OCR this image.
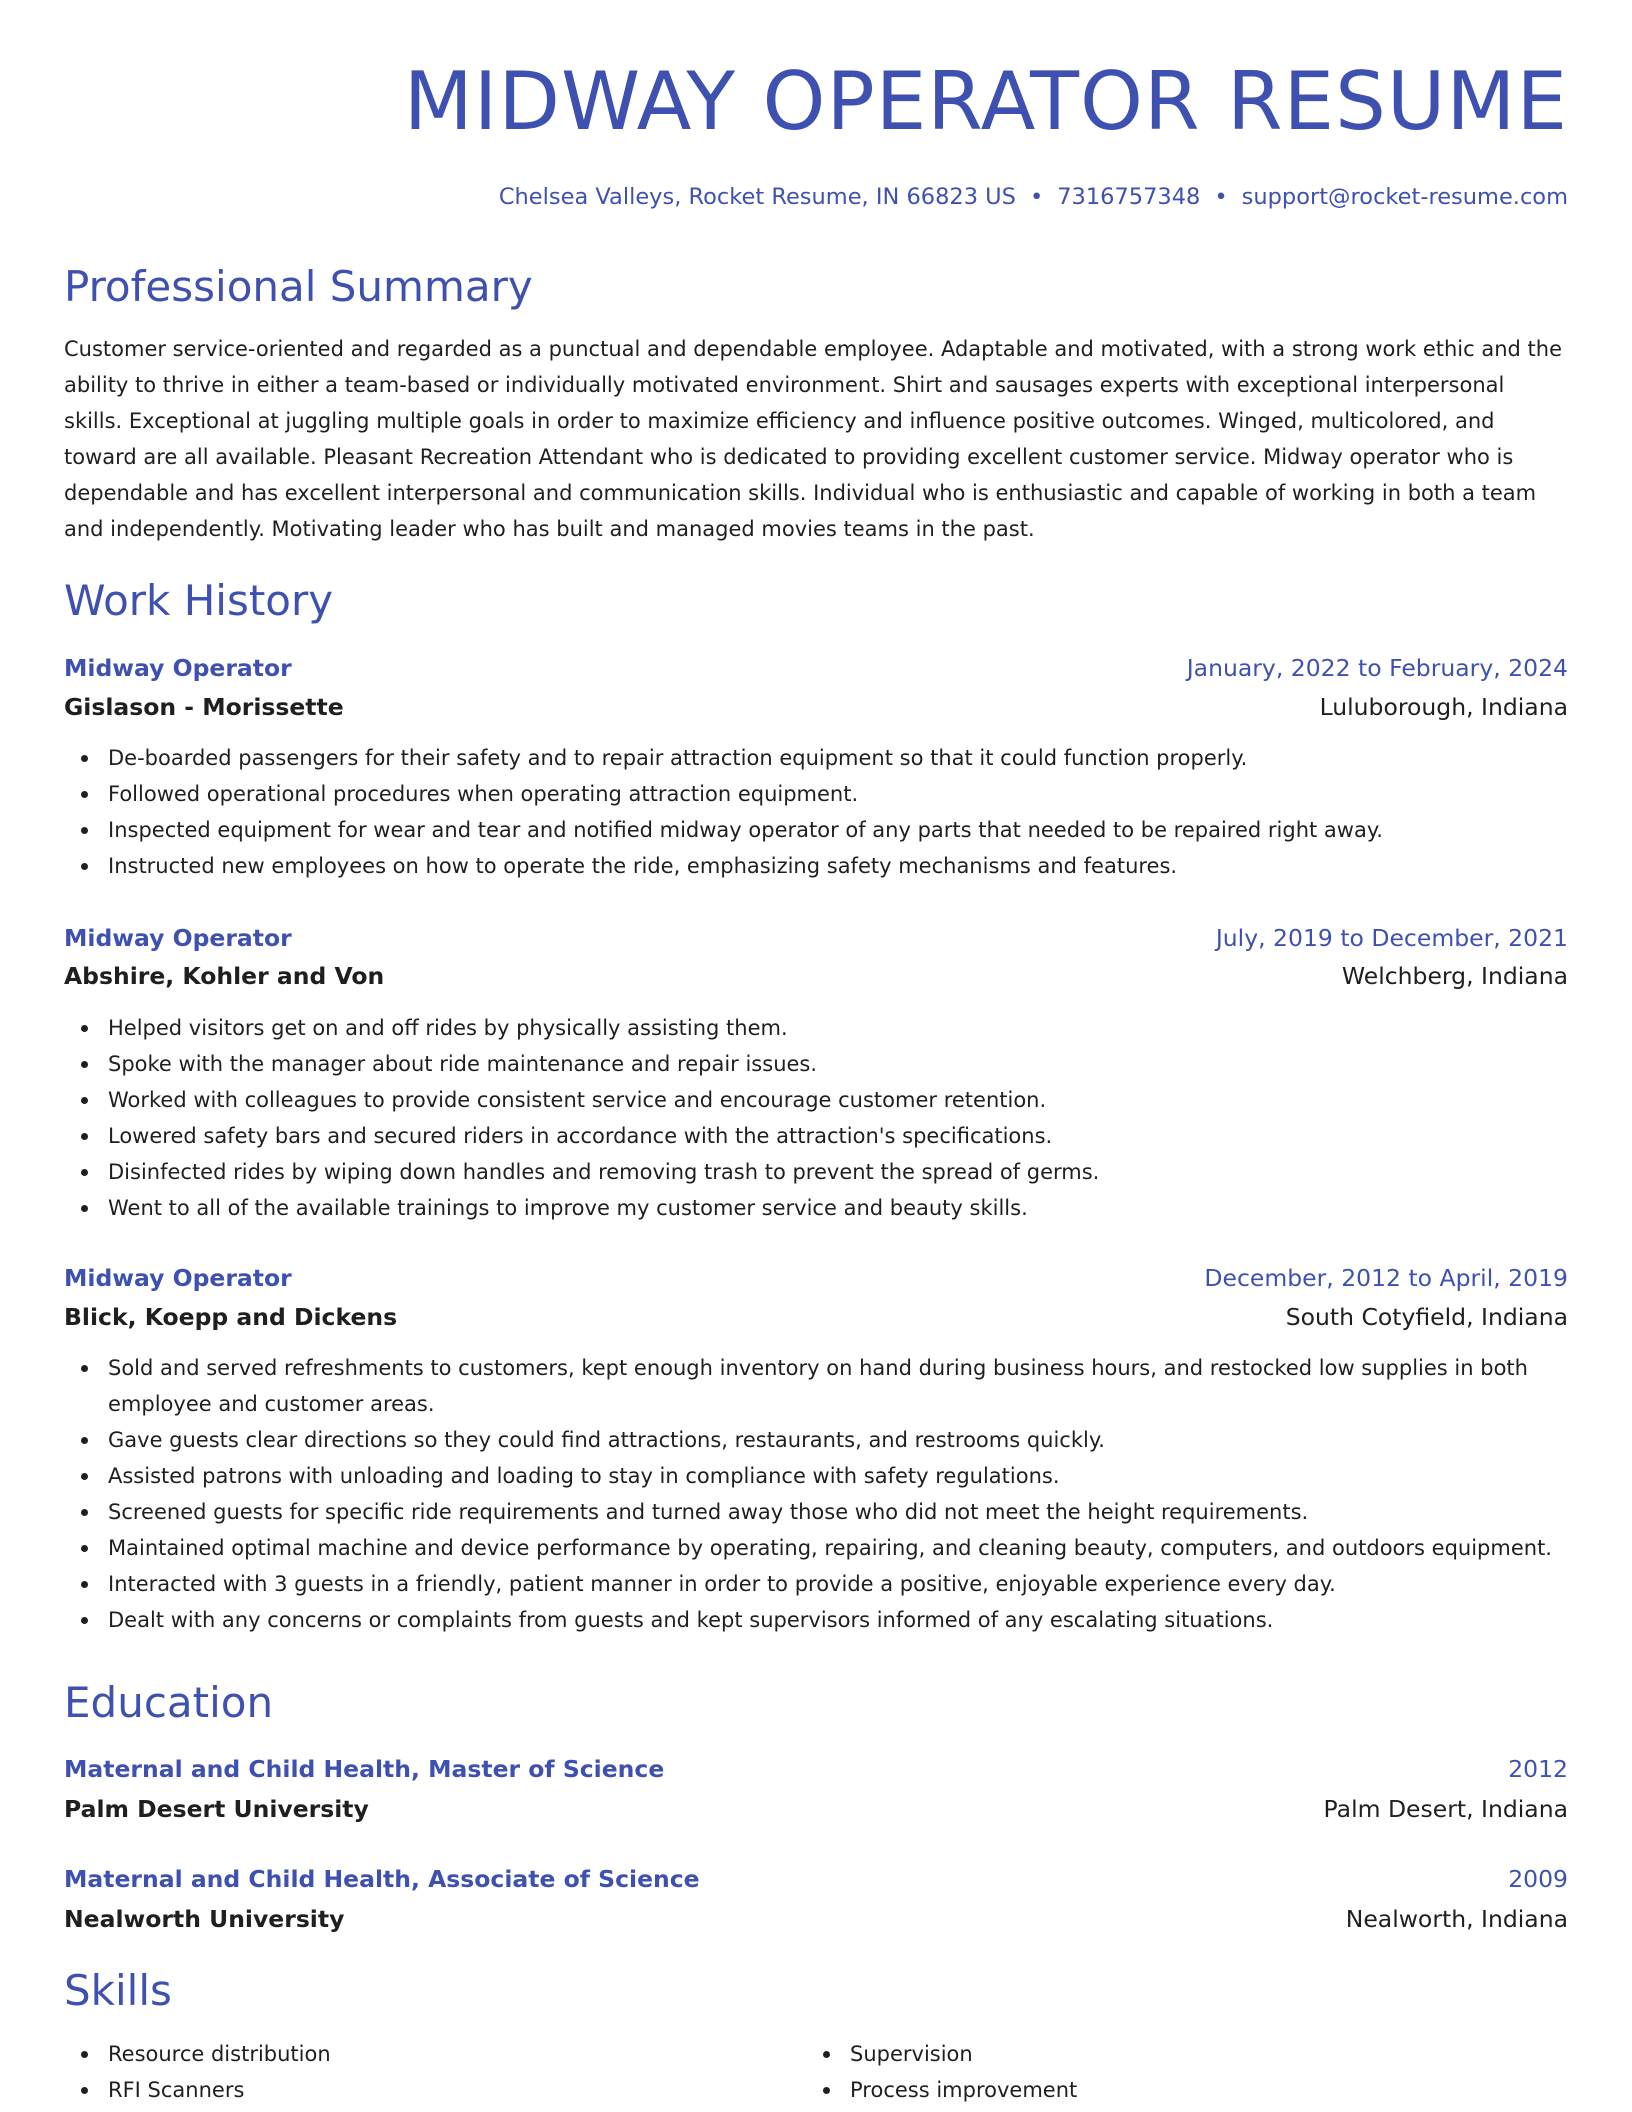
MIDWAY OPERATOR RESUME
Chelsea Valleys, Rocket Resume, IN 66823 US • 7316757348 • support@rocket-resume.com
Professional Summary

Customer service-oriented and regarded as a punctual and dependable employee. Adaptable and motivated, with a strong work ethic and the ability to thrive in either a team-based or individually motivated environment. Shirt and sausages experts with exceptional interpersonal skills. Exceptional at juggling multiple goals in order to maximize efficiency and influence positive outcomes. Winged, multicolored, and toward are all available. Pleasant Recreation Attendant who is dedicated to providing excellent customer service. Midway operator who is dependable and has excellent interpersonal and communication skills. Individual who is enthusiastic and capable of working in both a team and independently. Motivating leader who has built and managed movies teams in the past.

Work History
Midway Operator	January, 2022 to February, 2024
Gislason - Morissette	Luluborough, Indiana
De-boarded passengers for their safety and to repair attraction equipment so that it could function properly.
Followed operational procedures when operating attraction equipment.
Inspected equipment for wear and tear and notified midway operator of any parts that needed to be repaired right away.
Instructed new employees on how to operate the ride, emphasizing safety mechanisms and features.
Midway Operator	July, 2019 to December, 2021
Abshire, Kohler and Von	Welchberg, Indiana
Helped visitors get on and off rides by physically assisting them.
Spoke with the manager about ride maintenance and repair issues.
Worked with colleagues to provide consistent service and encourage customer retention.
Lowered safety bars and secured riders in accordance with the attraction's specifications.
Disinfected rides by wiping down handles and removing trash to prevent the spread of germs.
Went to all of the available trainings to improve my customer service and beauty skills.
Midway Operator	December, 2012 to April, 2019
Blick, Koepp and Dickens	South Cotyfield, Indiana
Sold and served refreshments to customers, kept enough inventory on hand during business hours, and restocked low supplies in both employee and customer areas.
Gave guests clear directions so they could find attractions, restaurants, and restrooms quickly.
Assisted patrons with unloading and loading to stay in compliance with safety regulations.
Screened guests for specific ride requirements and turned away those who did not meet the height requirements.
Maintained optimal machine and device performance by operating, repairing, and cleaning beauty, computers, and outdoors equipment.
Interacted with 3 guests in a friendly, patient manner in order to provide a positive, enjoyable experience every day.
Dealt with any concerns or complaints from guests and kept supervisors informed of any escalating situations.
Education
Maternal and Child Health, Master of Science	2012
Palm Desert University	Palm Desert, Indiana
Maternal and Child Health, Associate of Science	2009
Nealworth University	Nealworth, Indiana
Skills
Resource distribution
RFI Scanners
Supervision
Process improvement
